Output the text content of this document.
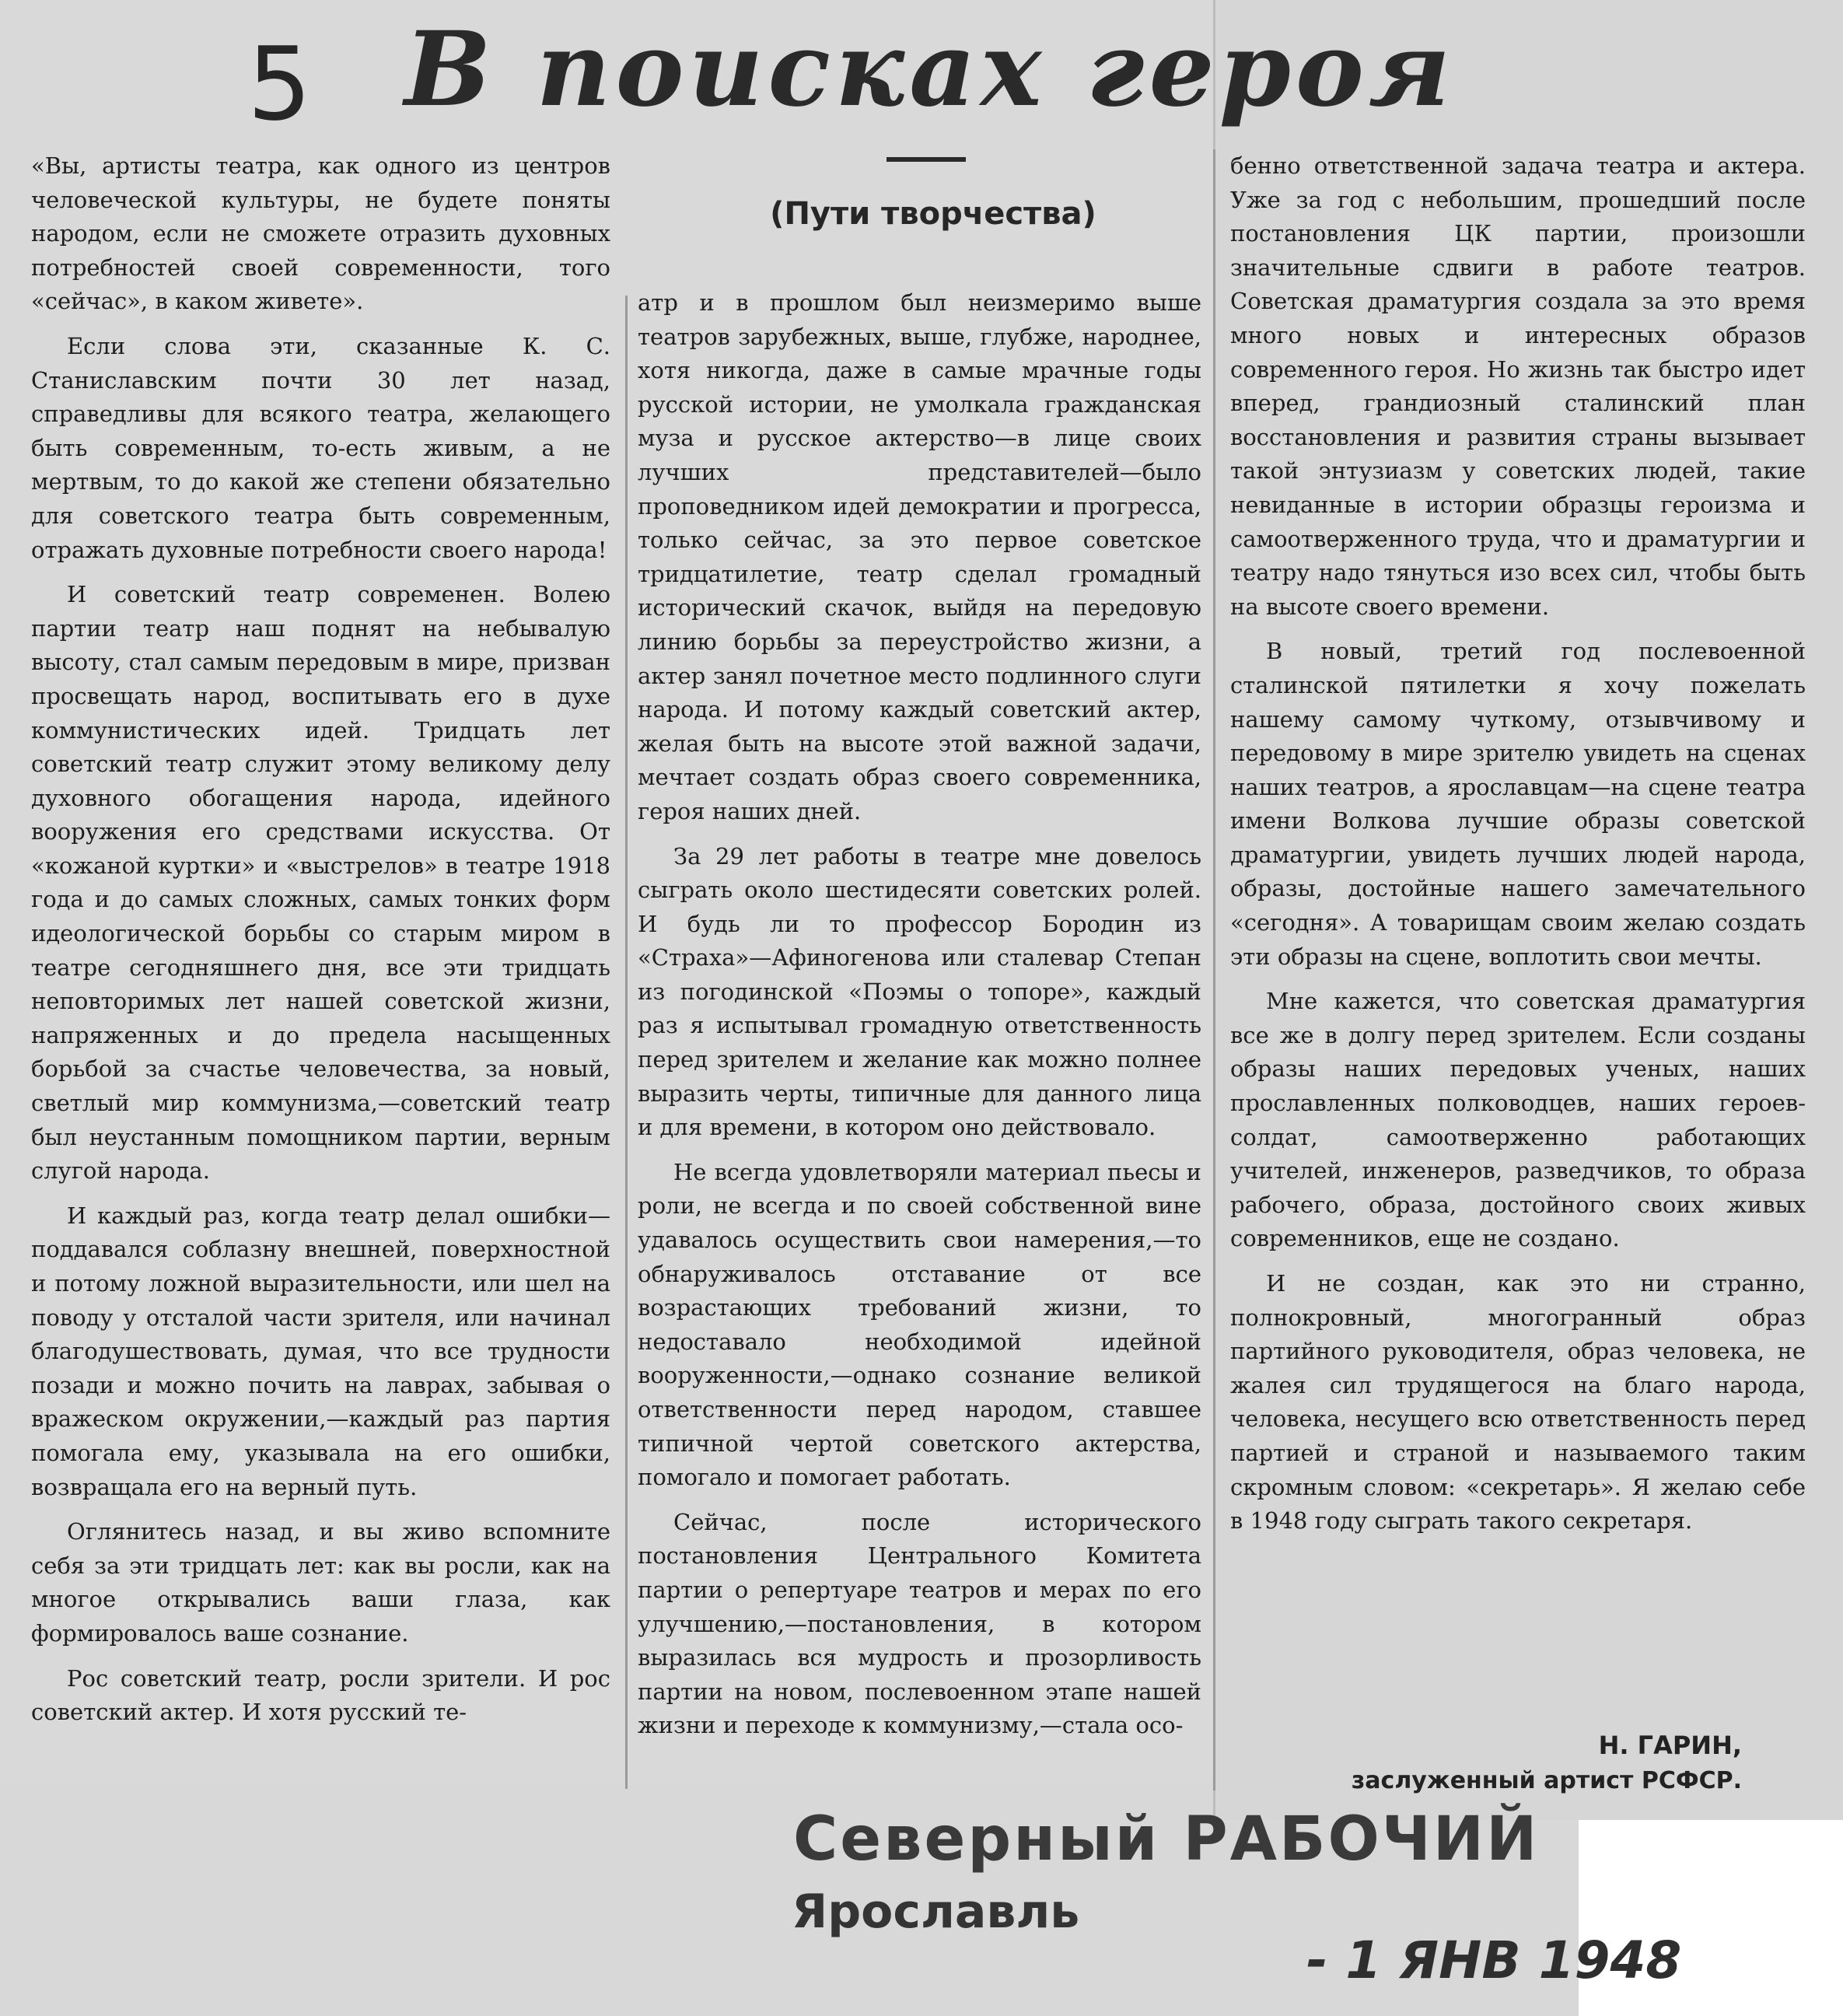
5 В поисках героя
(Пути творчества)

«Вы, артисты театра, как одного из центров человеческой культуры, не будете поняты народом, если не сможете отразить духовных потребностей своей современности, того «сейчас», в каком живете».

Если слова эти, сказанные К. С. Станиславским почти 30 лет назад, справедливы для всякого театра, желающего быть современным, то-есть живым, а не мертвым, то до какой же степени обязательно для советского театра быть современным, отражать духовные потребности своего народа!

И советский театр современен. Волею партии театр наш поднят на небывалую высоту, стал самым передовым в мире, призван просвещать народ, воспитывать его в духе коммунистических идей. Тридцать лет советский театр служит этому великому делу духовного обогащения народа, идейного вооружения его средствами искусства. От «кожаной куртки» и «выстрелов» в театре 1918 года и до самых сложных, самых тонких форм идеологической борьбы со старым миром в театре сегодняшнего дня, все эти тридцать неповторимых лет нашей советской жизни, напряженных и до предела насыщенных борьбой за счастье человечества, за новый, светлый мир коммунизма,—советский театр был неустанным помощником партии, верным слугой народа.

И каждый раз, когда театр делал ошибки—поддавался соблазну внешней, поверхностной и потому ложной выразительности, или шел на поводу у отсталой части зрителя, или начинал благодушествовать, думая, что все трудности позади и можно почить на лаврах, забывая о вражеском окружении,—каждый раз партия помогала ему, указывала на его ошибки, возвращала его на верный путь.

Оглянитесь назад, и вы живо вспомните себя за эти тридцать лет: как вы росли, как на многое открывались ваши глаза, как формировалось ваше сознание.

Рос советский театр, росли зрители. И рос советский актер. И хотя русский те-

атр и в прошлом был неизмеримо выше театров зарубежных, выше, глубже, народнее, хотя никогда, даже в самые мрачные годы русской истории, не умолкала гражданская муза и русское актерство—в лице своих лучших представителей—было проповедником идей демократии и прогресса, только сейчас, за это первое советское тридцатилетие, театр сделал громадный исторический скачок, выйдя на передовую линию борьбы за переустройство жизни, а актер занял почетное место подлинного слуги народа. И потому каждый советский актер, желая быть на высоте этой важной задачи, мечтает создать образ своего современника, героя наших дней.

За 29 лет работы в театре мне довелось сыграть около шестидесяти советских ролей. И будь ли то профессор Бородин из «Страха»—Афиногенова или сталевар Степан из погодинской «Поэмы о топоре», каждый раз я испытывал громадную ответственность перед зрителем и желание как можно полнее выразить черты, типичные для данного лица и для времени, в котором оно действовало.

Не всегда удовлетворяли материал пьесы и роли, не всегда и по своей собственной вине удавалось осуществить свои намерения,—то обнаруживалось отставание от все возрастающих требований жизни, то недоставало необходимой идейной вооруженности,—однако сознание великой ответственности перед народом, ставшее типичной чертой советского актерства, помогало и помогает работать.

Сейчас, после исторического постановления Центрального Комитета партии о репертуаре театров и мерах по его улучшению,—постановления, в котором выразилась вся мудрость и прозорливость партии на новом, послевоенном этапе нашей жизни и переходе к коммунизму,—стала осо-

бенно ответственной задача театра и актера. Уже за год с небольшим, прошедший после постановления ЦК партии, произошли значительные сдвиги в работе театров. Советская драматургия создала за это время много новых и интересных образов современного героя. Но жизнь так быстро идет вперед, грандиозный сталинский план восстановления и развития страны вызывает такой энтузиазм у советских людей, такие невиданные в истории образцы героизма и самоотверженного труда, что и драматургии и театру надо тянуться изо всех сил, чтобы быть на высоте своего времени.

В новый, третий год послевоенной сталинской пятилетки я хочу пожелать нашему самому чуткому, отзывчивому и передовому в мире зрителю увидеть на сценах наших театров, а ярославцам—на сцене театра имени Волкова лучшие образы советской драматургии, увидеть лучших людей народа, образы, достойные нашего замечательного «сегодня». А товарищам своим желаю создать эти образы на сцене, воплотить свои мечты.

Мне кажется, что советская драматургия все же в долгу перед зрителем. Если созданы образы наших передовых ученых, наших прославленных полководцев, наших героев-солдат, самоотверженно работающих учителей, инженеров, разведчиков, то образа рабочего, образа, достойного своих живых современников, еще не создано.

И не создан, как это ни странно, полнокровный, многогранный образ партийного руководителя, образ человека, не жалея сил трудящегося на благо народа, человека, несущего всю ответственность перед партией и страной и называемого таким скромным словом: «секретарь». Я желаю себе в 1948 году сыграть такого секретаря.

Н. ГАРИН,
заслуженный артист РСФСР.
Северный РАБОЧИЙ
Ярославль
- 1 ЯНВ 1948
